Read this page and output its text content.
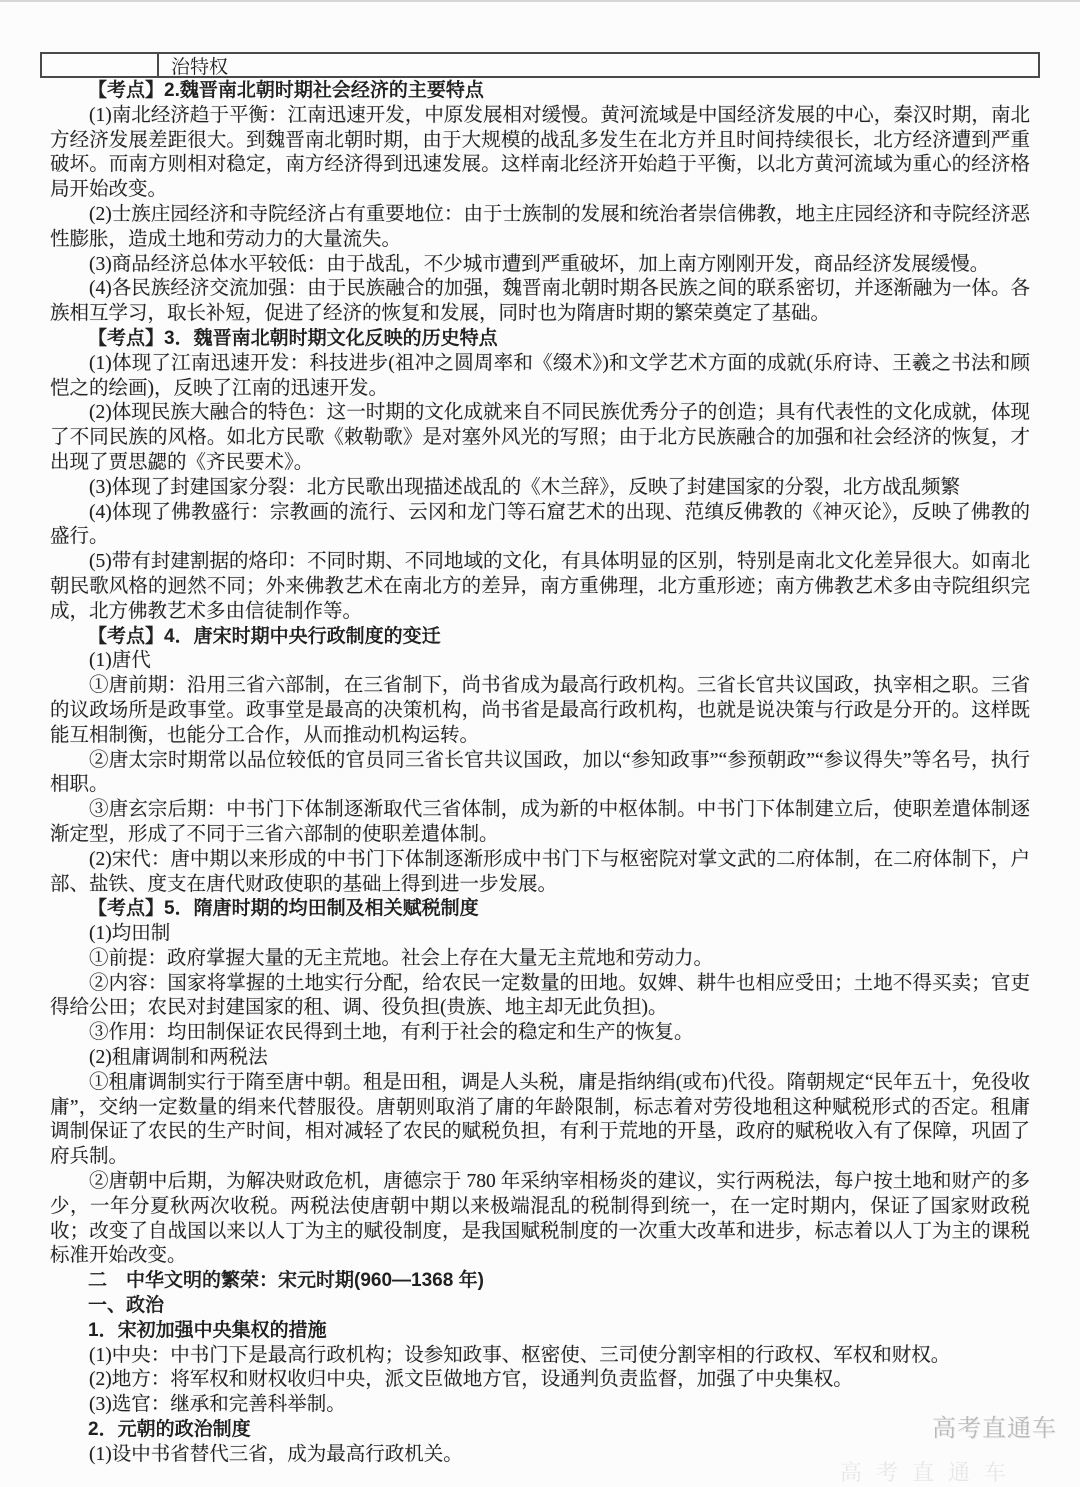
治特权

【考点】2.魏晋南北朝时期社会经济的主要特点

(1)南北经济趋于平衡：江南迅速开发，中原发展相对缓慢。黄河流域是中国经济发展的中心，秦汉时期，南北方经济发展差距很大。到魏晋南北朝时期，由于大规模的战乱多发生在北方并且时间持续很长，北方经济遭到严重破坏。而南方则相对稳定，南方经济得到迅速发展。这样南北经济开始趋于平衡，以北方黄河流域为重心的经济格局开始改变。

(2)士族庄园经济和寺院经济占有重要地位：由于士族制的发展和统治者崇信佛教，地主庄园经济和寺院经济恶性膨胀，造成土地和劳动力的大量流失。

(3)商品经济总体水平较低：由于战乱，不少城市遭到严重破坏，加上南方刚刚开发，商品经济发展缓慢。

(4)各民族经济交流加强：由于民族融合的加强，魏晋南北朝时期各民族之间的联系密切，并逐渐融为一体。各族相互学习，取长补短，促进了经济的恢复和发展，同时也为隋唐时期的繁荣奠定了基础。

【考点】3．魏晋南北朝时期文化反映的历史特点

(1)体现了江南迅速开发：科技进步(祖冲之圆周率和《缀术》)和文学艺术方面的成就(乐府诗、王羲之书法和顾恺之的绘画)，反映了江南的迅速开发。

(2)体现民族大融合的特色：这一时期的文化成就来自不同民族优秀分子的创造；具有代表性的文化成就，体现了不同民族的风格。如北方民歌《敕勒歌》是对塞外风光的写照；由于北方民族融合的加强和社会经济的恢复，才出现了贾思勰的《齐民要术》。

(3)体现了封建国家分裂：北方民歌出现描述战乱的《木兰辞》，反映了封建国家的分裂，北方战乱频繁

(4)体现了佛教盛行：宗教画的流行、云冈和龙门等石窟艺术的出现、范缜反佛教的《神灭论》，反映了佛教的盛行。

(5)带有封建割据的烙印：不同时期、不同地域的文化，有具体明显的区别，特别是南北文化差异很大。如南北朝民歌风格的迥然不同；外来佛教艺术在南北方的差异，南方重佛理，北方重形迹；南方佛教艺术多由寺院组织完成，北方佛教艺术多由信徒制作等。

【考点】4．唐宋时期中央行政制度的变迁

(1)唐代

①唐前期：沿用三省六部制，在三省制下，尚书省成为最高行政机构。三省长官共议国政，执宰相之职。三省的议政场所是政事堂。政事堂是最高的决策机构，尚书省是最高行政机构，也就是说决策与行政是分开的。这样既能互相制衡，也能分工合作，从而推动机构运转。

②唐太宗时期常以品位较低的官员同三省长官共议国政，加以“参知政事”“参预朝政”“参议得失”等名号，执行相职。

③唐玄宗后期：中书门下体制逐渐取代三省体制，成为新的中枢体制。中书门下体制建立后，使职差遣体制逐渐定型，形成了不同于三省六部制的使职差遣体制。

(2)宋代：唐中期以来形成的中书门下体制逐渐形成中书门下与枢密院对掌文武的二府体制，在二府体制下，户部、盐铁、度支在唐代财政使职的基础上得到进一步发展。

【考点】5．隋唐时期的均田制及相关赋税制度

(1)均田制

①前提：政府掌握大量的无主荒地。社会上存在大量无主荒地和劳动力。

②内容：国家将掌握的土地实行分配，给农民一定数量的田地。奴婢、耕牛也相应受田；土地不得买卖；官吏得给公田；农民对封建国家的租、调、役负担(贵族、地主却无此负担)。

③作用：均田制保证农民得到土地，有利于社会的稳定和生产的恢复。

(2)租庸调制和两税法

①租庸调制实行于隋至唐中朝。租是田租，调是人头税，庸是指纳绢(或布)代役。隋朝规定“民年五十，免役收庸”，交纳一定数量的绢来代替服役。唐朝则取消了庸的年龄限制，标志着对劳役地租这种赋税形式的否定。租庸调制保证了农民的生产时间，相对减轻了农民的赋税负担，有利于荒地的开垦，政府的赋税收入有了保障，巩固了府兵制。

②唐朝中后期，为解决财政危机，唐德宗于 780 年采纳宰相杨炎的建议，实行两税法，每户按土地和财产的多少，一年分夏秋两次收税。两税法使唐朝中期以来极端混乱的税制得到统一，在一定时期内，保证了国家财政税收；改变了自战国以来以人丁为主的赋役制度，是我国赋税制度的一次重大改革和进步，标志着以人丁为主的课税标准开始改变。

二　中华文明的繁荣：宋元时期(960—1368 年)

一、政治

1．宋初加强中央集权的措施

(1)中央：中书门下是最高行政机构；设参知政事、枢密使、三司使分割宰相的行政权、军权和财权。

(2)地方：将军权和财权收归中央，派文臣做地方官，设通判负责监督，加强了中央集权。

(3)选官：继承和完善科举制。

2．元朝的政治制度

(1)设中书省替代三省，成为最高行政机关。

高考直通车
高考直通车
